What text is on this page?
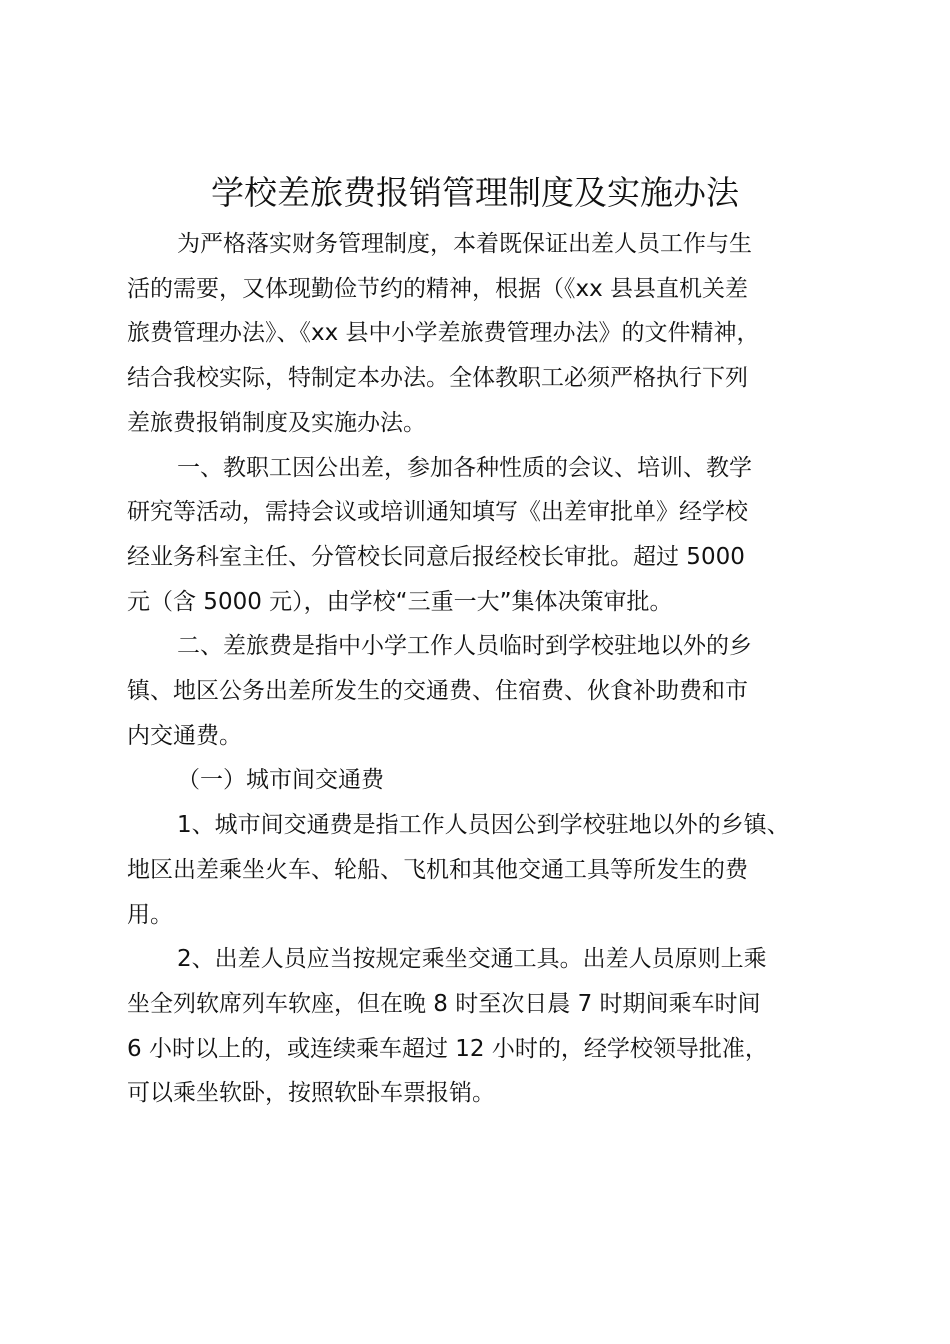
学校差旅费报销管理制度及实施办法
为严格落实财务管理制度，本着既保证出差人员工作与生
活的需要，又体现勤俭节约的精神，根据（《xx 县县直机关差
旅费管理办法》、《xx 县中小学差旅费管理办法》的文件精神，
结合我校实际，特制定本办法。全体教职工必须严格执行下列
差旅费报销制度及实施办法。
一、教职工因公出差，参加各种性质的会议、培训、教学
研究等活动，需持会议或培训通知填写《出差审批单》经学校
经业务科室主任、分管校长同意后报经校长审批。超过 5000
元（含 5000 元），由学校“三重一大”集体决策审批。
二、差旅费是指中小学工作人员临时到学校驻地以外的乡
镇、地区公务出差所发生的交通费、住宿费、伙食补助费和市
内交通费。
（一）城市间交通费
1、城市间交通费是指工作人员因公到学校驻地以外的乡镇、
地区出差乘坐火车、轮船、飞机和其他交通工具等所发生的费
用。
2、出差人员应当按规定乘坐交通工具。出差人员原则上乘
坐全列软席列车软座，但在晚 8 时至次日晨 7 时期间乘车时间
6 小时以上的，或连续乘车超过 12 小时的，经学校领导批准，
可以乘坐软卧，按照软卧车票报销。
